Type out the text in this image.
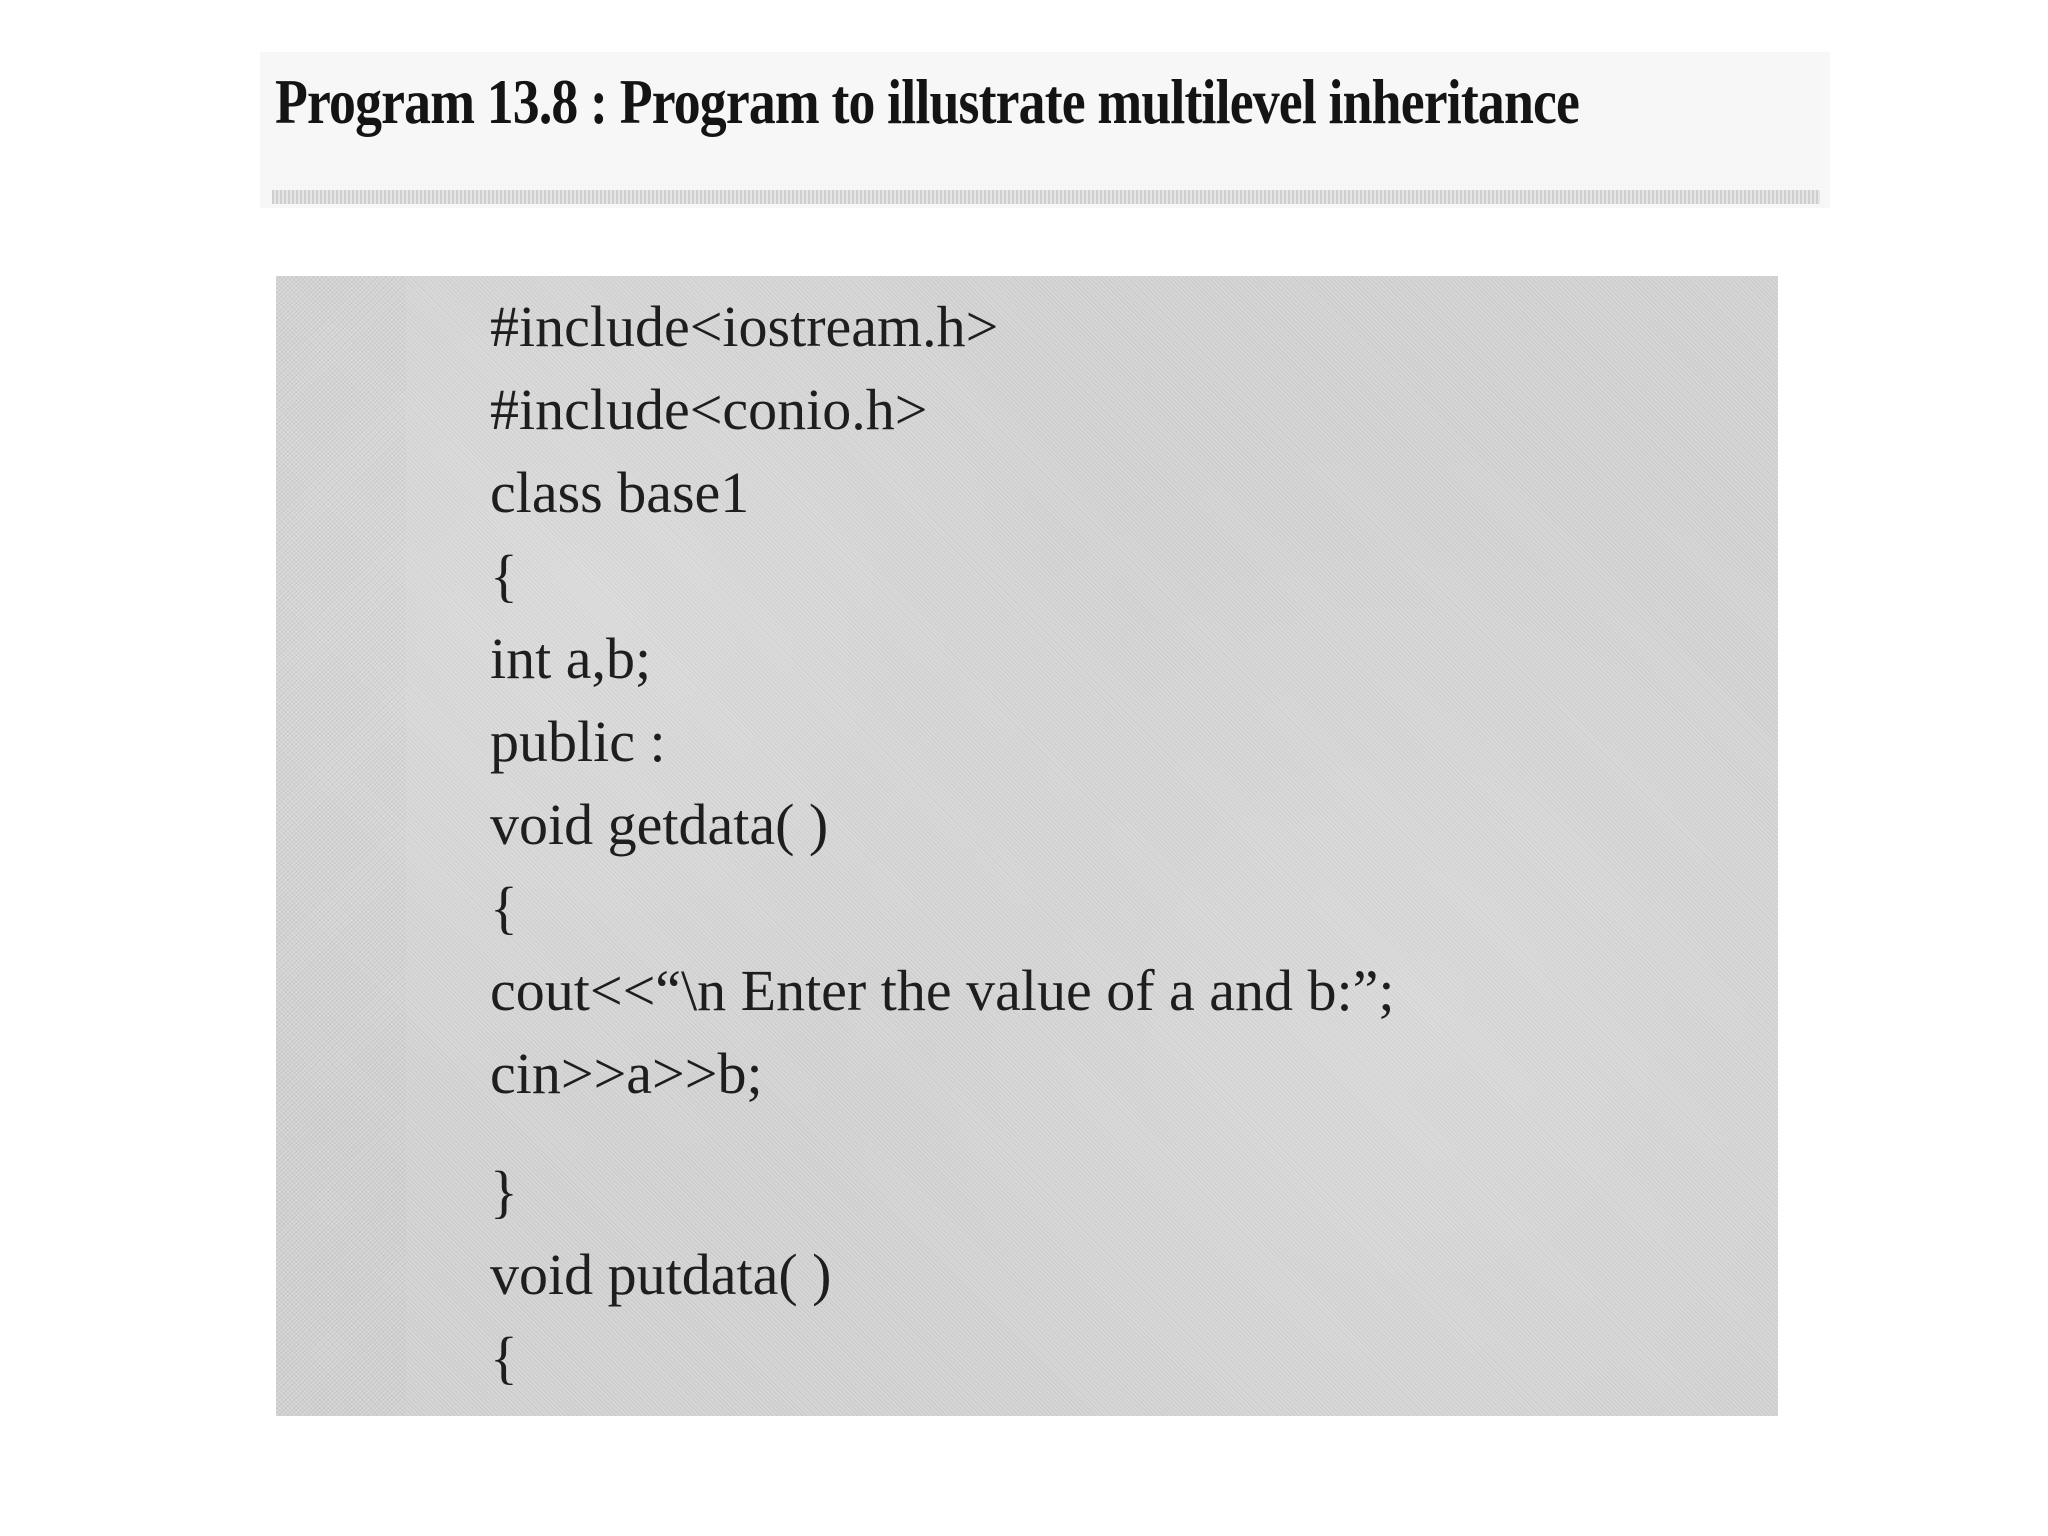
Program 13.8 : Program to illustrate multilevel inheritance
#include<iostream.h>
#include<conio.h>
class base1
{
int a,b;
public :
void getdata( )
{
cout<<“\n Enter the value of a and b:”;
cin>>a>>b;
}
void putdata( )
{
